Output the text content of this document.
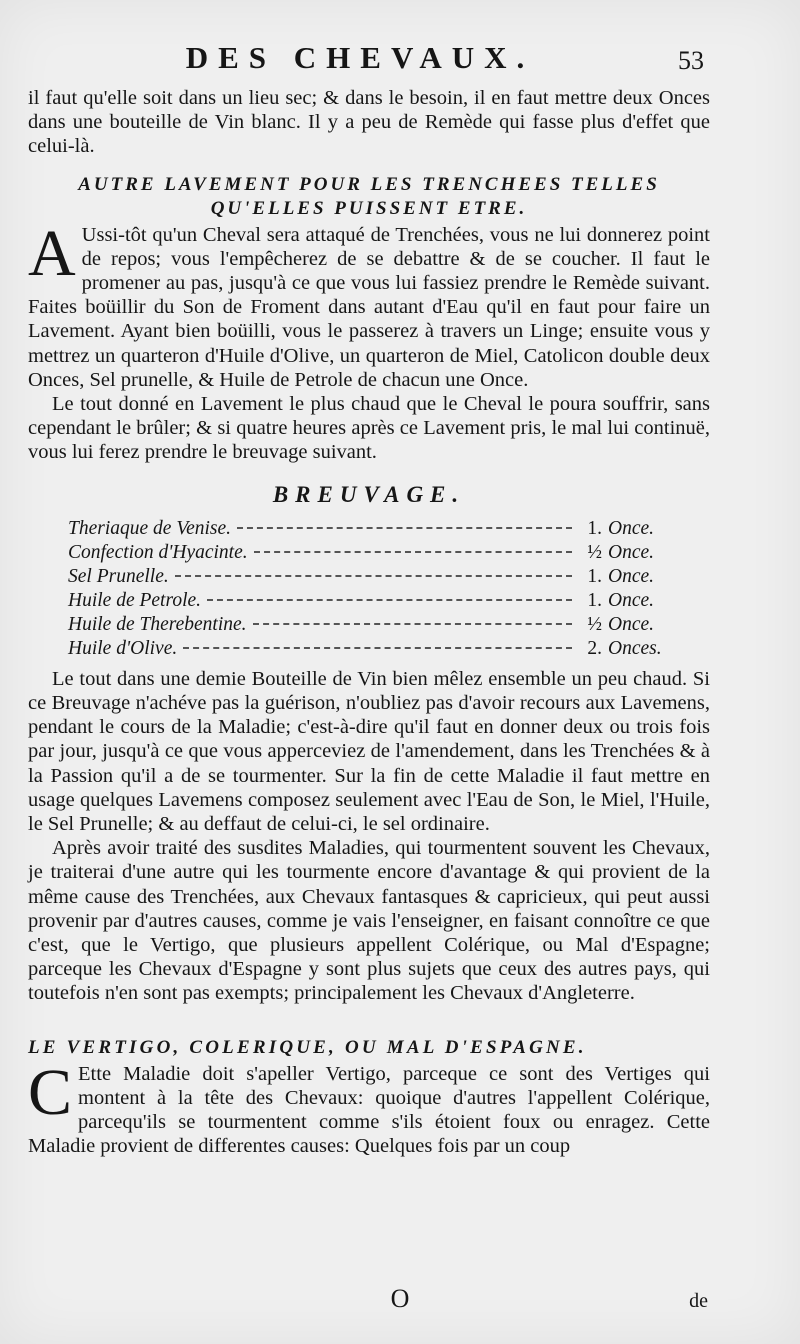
DES CHEVAUX.	53

il faut qu'elle soit dans un lieu sec; & dans le besoin, il en faut mettre deux Onces dans une bouteille de Vin blanc. Il y a peu de Remède qui fasse plus d'effet que celui-là.

AUTRE LAVEMENT POUR LES TRENCHEES TELLES
QU'ELLES PUISSENT ETRE.

A Ussi-tôt qu'un Cheval sera attaqué de Trenchées, vous ne lui donnerez point de repos; vous l'empêcherez de se debattre & de se coucher. Il faut le promener au pas, jusqu'à ce que vous lui fassiez prendre le Remède suivant. Faites boüillir du Son de Froment dans autant d'Eau qu'il en faut pour faire un Lavement. Ayant bien boüilli, vous le passerez à travers un Linge; ensuite vous y mettrez un quarteron d'Huile d'Olive, un quarteron de Miel, Catolicon double deux Onces, Sel prunelle, & Huile de Petrole de chacun une Once.

Le tout donné en Lavement le plus chaud que le Cheval le poura souffrir, sans cependant le brûler; & si quatre heures après ce Lavement pris, le mal lui continuë, vous lui ferez prendre le breuvage suivant.

BREUVAGE.
Theriaque de Venise.	1. Once.
Confection d'Hyacinte.	½ Once.
Sel Prunelle.	1. Once.
Huile de Petrole.	1. Once.
Huile de Therebentine.	½ Once.
Huile d'Olive.	2. Onces.

Le tout dans une demie Bouteille de Vin bien mêlez ensemble un peu chaud. Si ce Breuvage n'achéve pas la guérison, n'oubliez pas d'avoir recours aux Lavemens, pendant le cours de la Maladie; c'est-à-dire qu'il faut en donner deux ou trois fois par jour, jusqu'à ce que vous apperceviez de l'amendement, dans les Trenchées & à la Passion qu'il a de se tourmenter. Sur la fin de cette Maladie il faut mettre en usage quelques Lavemens composez seulement avec l'Eau de Son, le Miel, l'Huile, le Sel Prunelle; & au deffaut de celui-ci, le sel ordinaire.

Après avoir traité des susdites Maladies, qui tourmentent souvent les Chevaux, je traiterai d'une autre qui les tourmente encore d'avantage & qui provient de la même cause des Trenchées, aux Chevaux fantasques & capricieux, qui peut aussi provenir par d'autres causes, comme je vais l'enseigner, en faisant connoître ce que c'est, que le Vertigo, que plusieurs appellent Colérique, ou Mal d'Espagne; parceque les Chevaux d'Espagne y sont plus sujets que ceux des autres pays, qui toutefois n'en sont pas exempts; principalement les Chevaux d'Angleterre.

LE VERTIGO, COLERIQUE, OU MAL D'ESPAGNE.

C Ette Maladie doit s'apeller Vertigo, parceque ce sont des Vertiges qui montent à la tête des Chevaux: quoique d'autres l'appellent Colérique, parcequ'ils se tourmentent comme s'ils étoient foux ou enragez. Cette Maladie provient de differentes causes: Quelques fois par un coup

O	de
